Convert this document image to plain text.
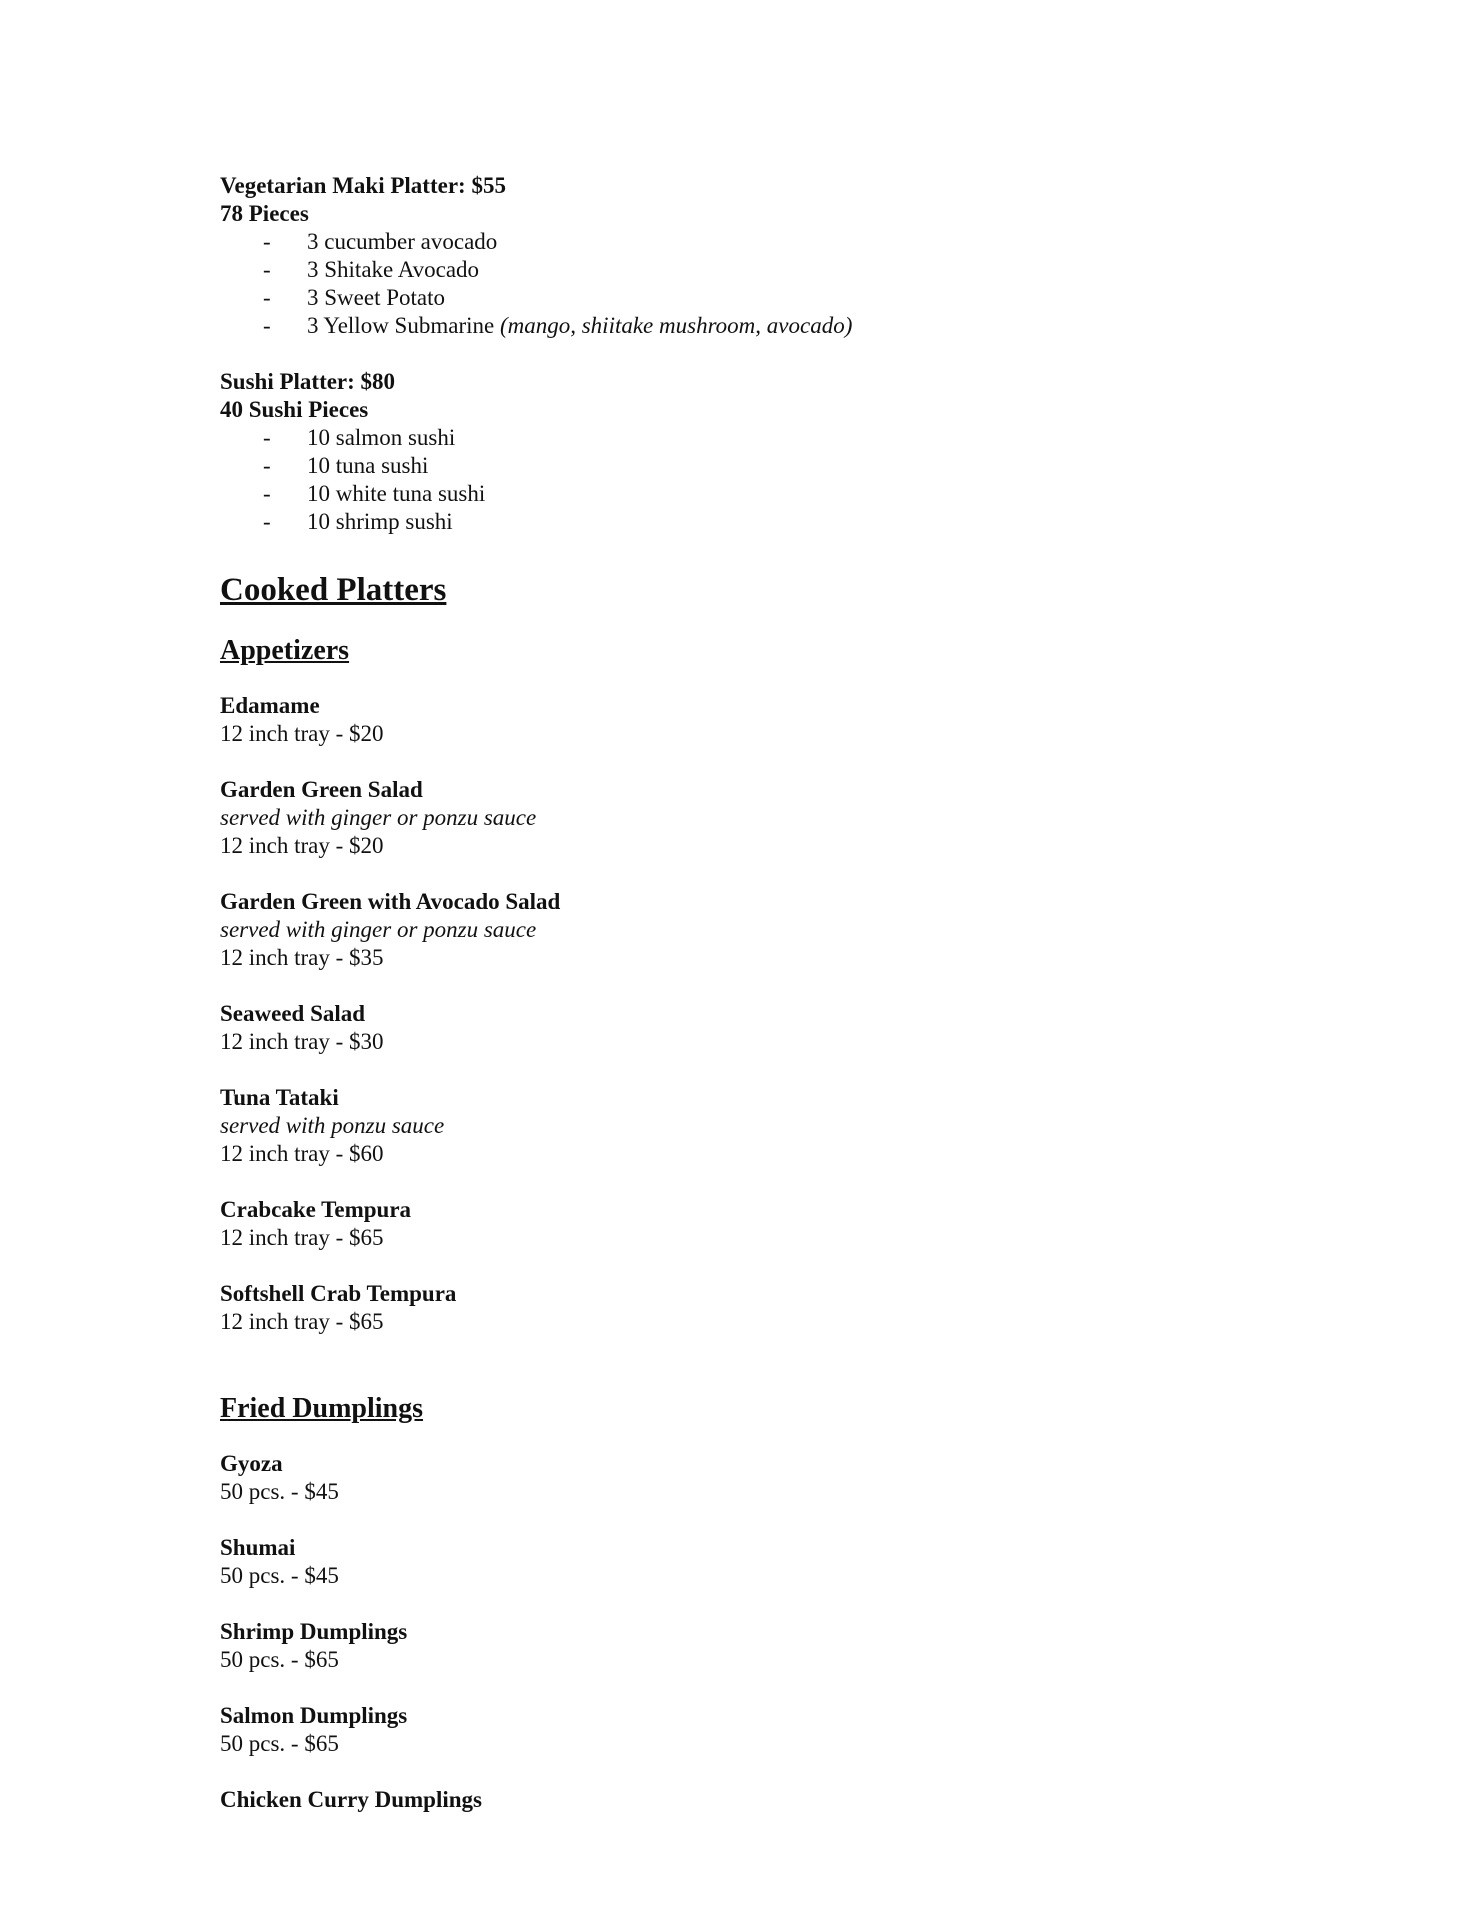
Vegetarian Maki Platter: $55
78 Pieces
- 3 cucumber avocado
- 3 Shitake Avocado
- 3 Sweet Potato
- 3 Yellow Submarine (mango, shiitake mushroom, avocado)
Sushi Platter: $80
40 Sushi Pieces
- 10 salmon sushi
- 10 tuna sushi
- 10 white tuna sushi
- 10 shrimp sushi
Cooked Platters
Appetizers
Edamame
12 inch tray - $20
Garden Green Salad
served with ginger or ponzu sauce
12 inch tray - $20
Garden Green with Avocado Salad
served with ginger or ponzu sauce
12 inch tray - $35
Seaweed Salad
12 inch tray - $30
Tuna Tataki
served with ponzu sauce
12 inch tray - $60
Crabcake Tempura
12 inch tray - $65
Softshell Crab Tempura
12 inch tray - $65
Fried Dumplings
Gyoza
50 pcs. - $45
Shumai
50 pcs. - $45
Shrimp Dumplings
50 pcs. - $65
Salmon Dumplings
50 pcs. - $65
Chicken Curry Dumplings
